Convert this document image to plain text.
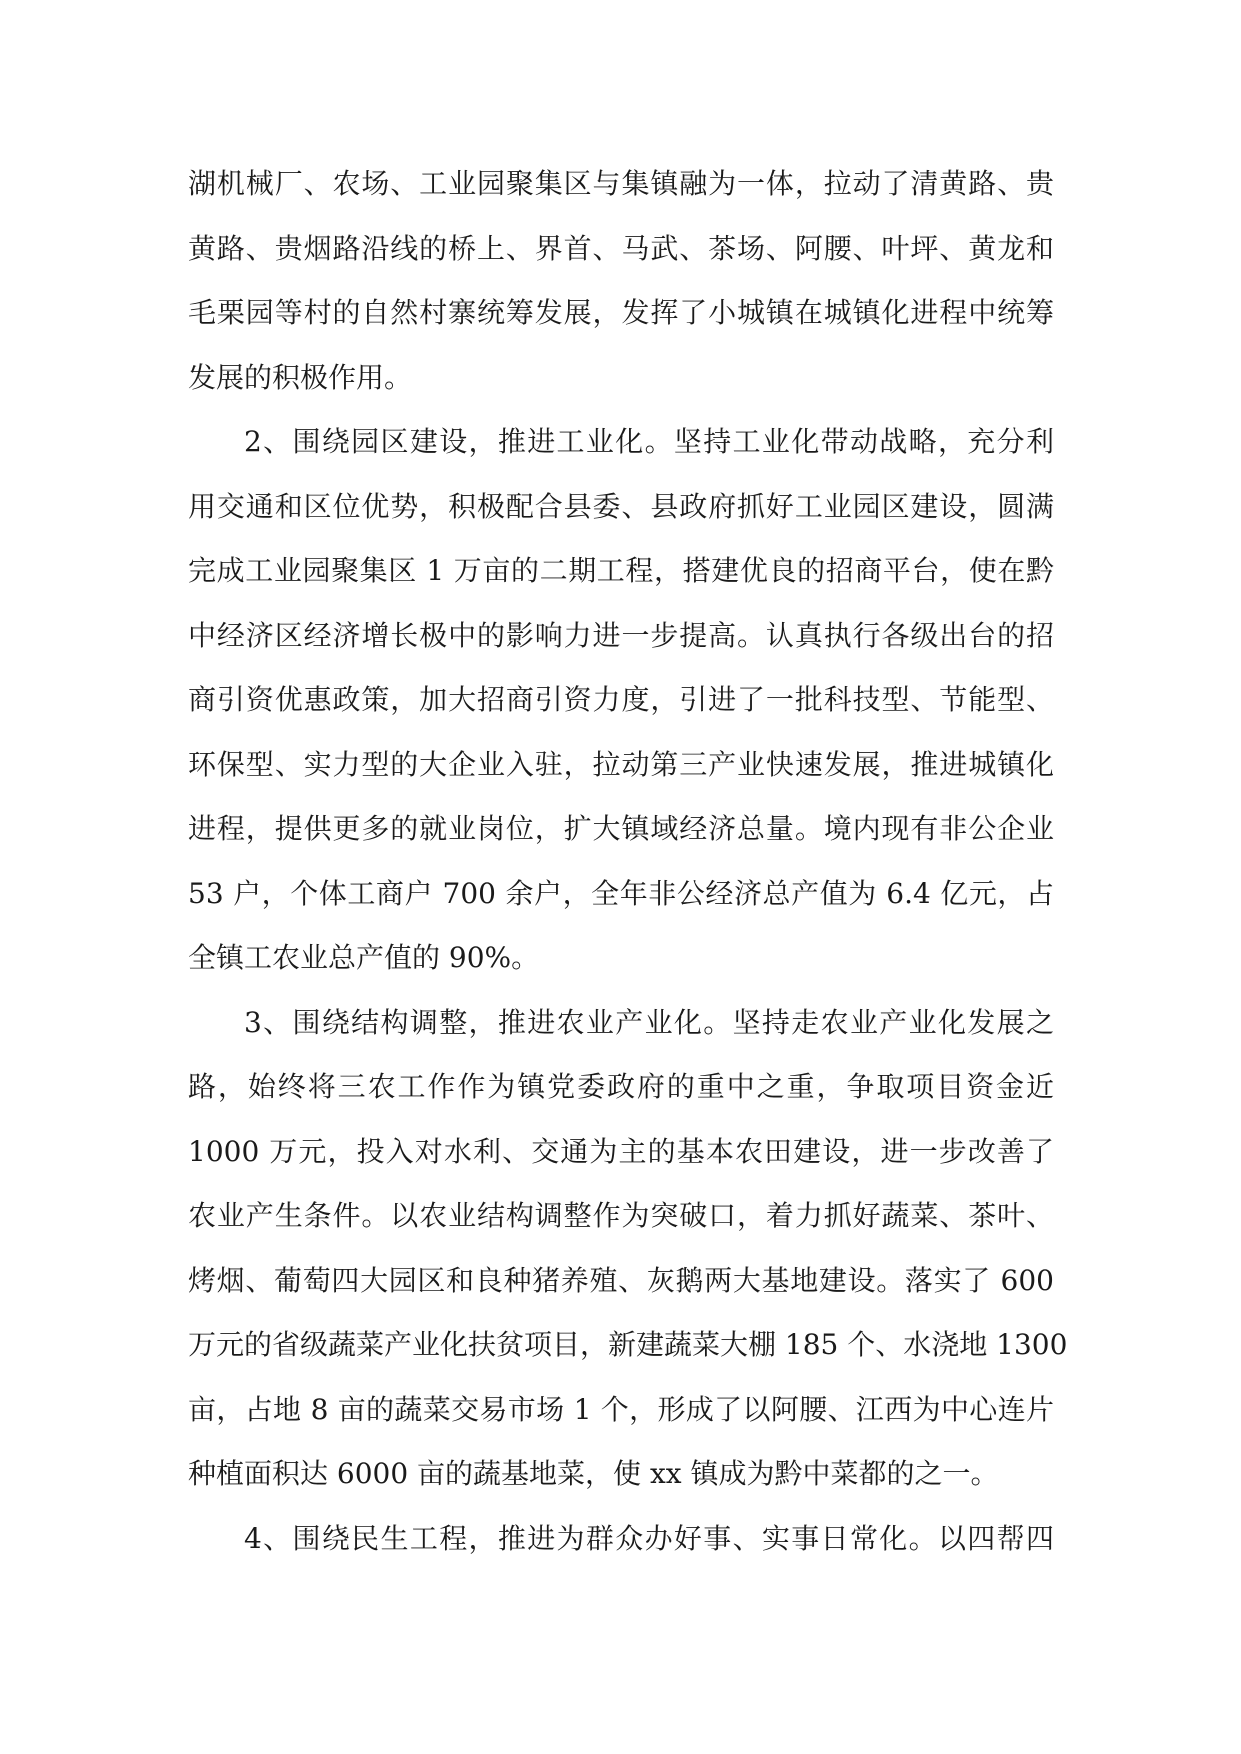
湖机械厂、农场、工业园聚集区与集镇融为一体，拉动了清黄路、贵
黄路、贵烟路沿线的桥上、界首、马武、茶场、阿腰、叶坪、黄龙和
毛栗园等村的自然村寨统筹发展，发挥了小城镇在城镇化进程中统筹
发展的积极作用。
2、围绕园区建设，推进工业化。坚持工业化带动战略，充分利
用交通和区位优势，积极配合县委、县政府抓好工业园区建设，圆满
完成工业园聚集区 1 万亩的二期工程，搭建优良的招商平台，使在黔
中经济区经济增长极中的影响力进一步提高。认真执行各级出台的招
商引资优惠政策，加大招商引资力度，引进了一批科技型、节能型、
环保型、实力型的大企业入驻，拉动第三产业快速发展，推进城镇化
进程，提供更多的就业岗位，扩大镇域经济总量。境内现有非公企业
53 户，个体工商户 700 余户，全年非公经济总产值为 6.4 亿元，占
全镇工农业总产值的 90%。
3、围绕结构调整，推进农业产业化。坚持走农业产业化发展之
路，始终将三农工作作为镇党委政府的重中之重，争取项目资金近
1000 万元，投入对水利、交通为主的基本农田建设，进一步改善了
农业产生条件。以农业结构调整作为突破口，着力抓好蔬菜、茶叶、
烤烟、葡萄四大园区和良种猪养殖、灰鹅两大基地建设。落实了 600
万元的省级蔬菜产业化扶贫项目，新建蔬菜大棚 185 个、水浇地 1300
亩，占地 8 亩的蔬菜交易市场 1 个，形成了以阿腰、江西为中心连片
种植面积达 6000 亩的蔬基地菜，使 xx 镇成为黔中菜都的之一。
4、围绕民生工程，推进为群众办好事、实事日常化。以四帮四
